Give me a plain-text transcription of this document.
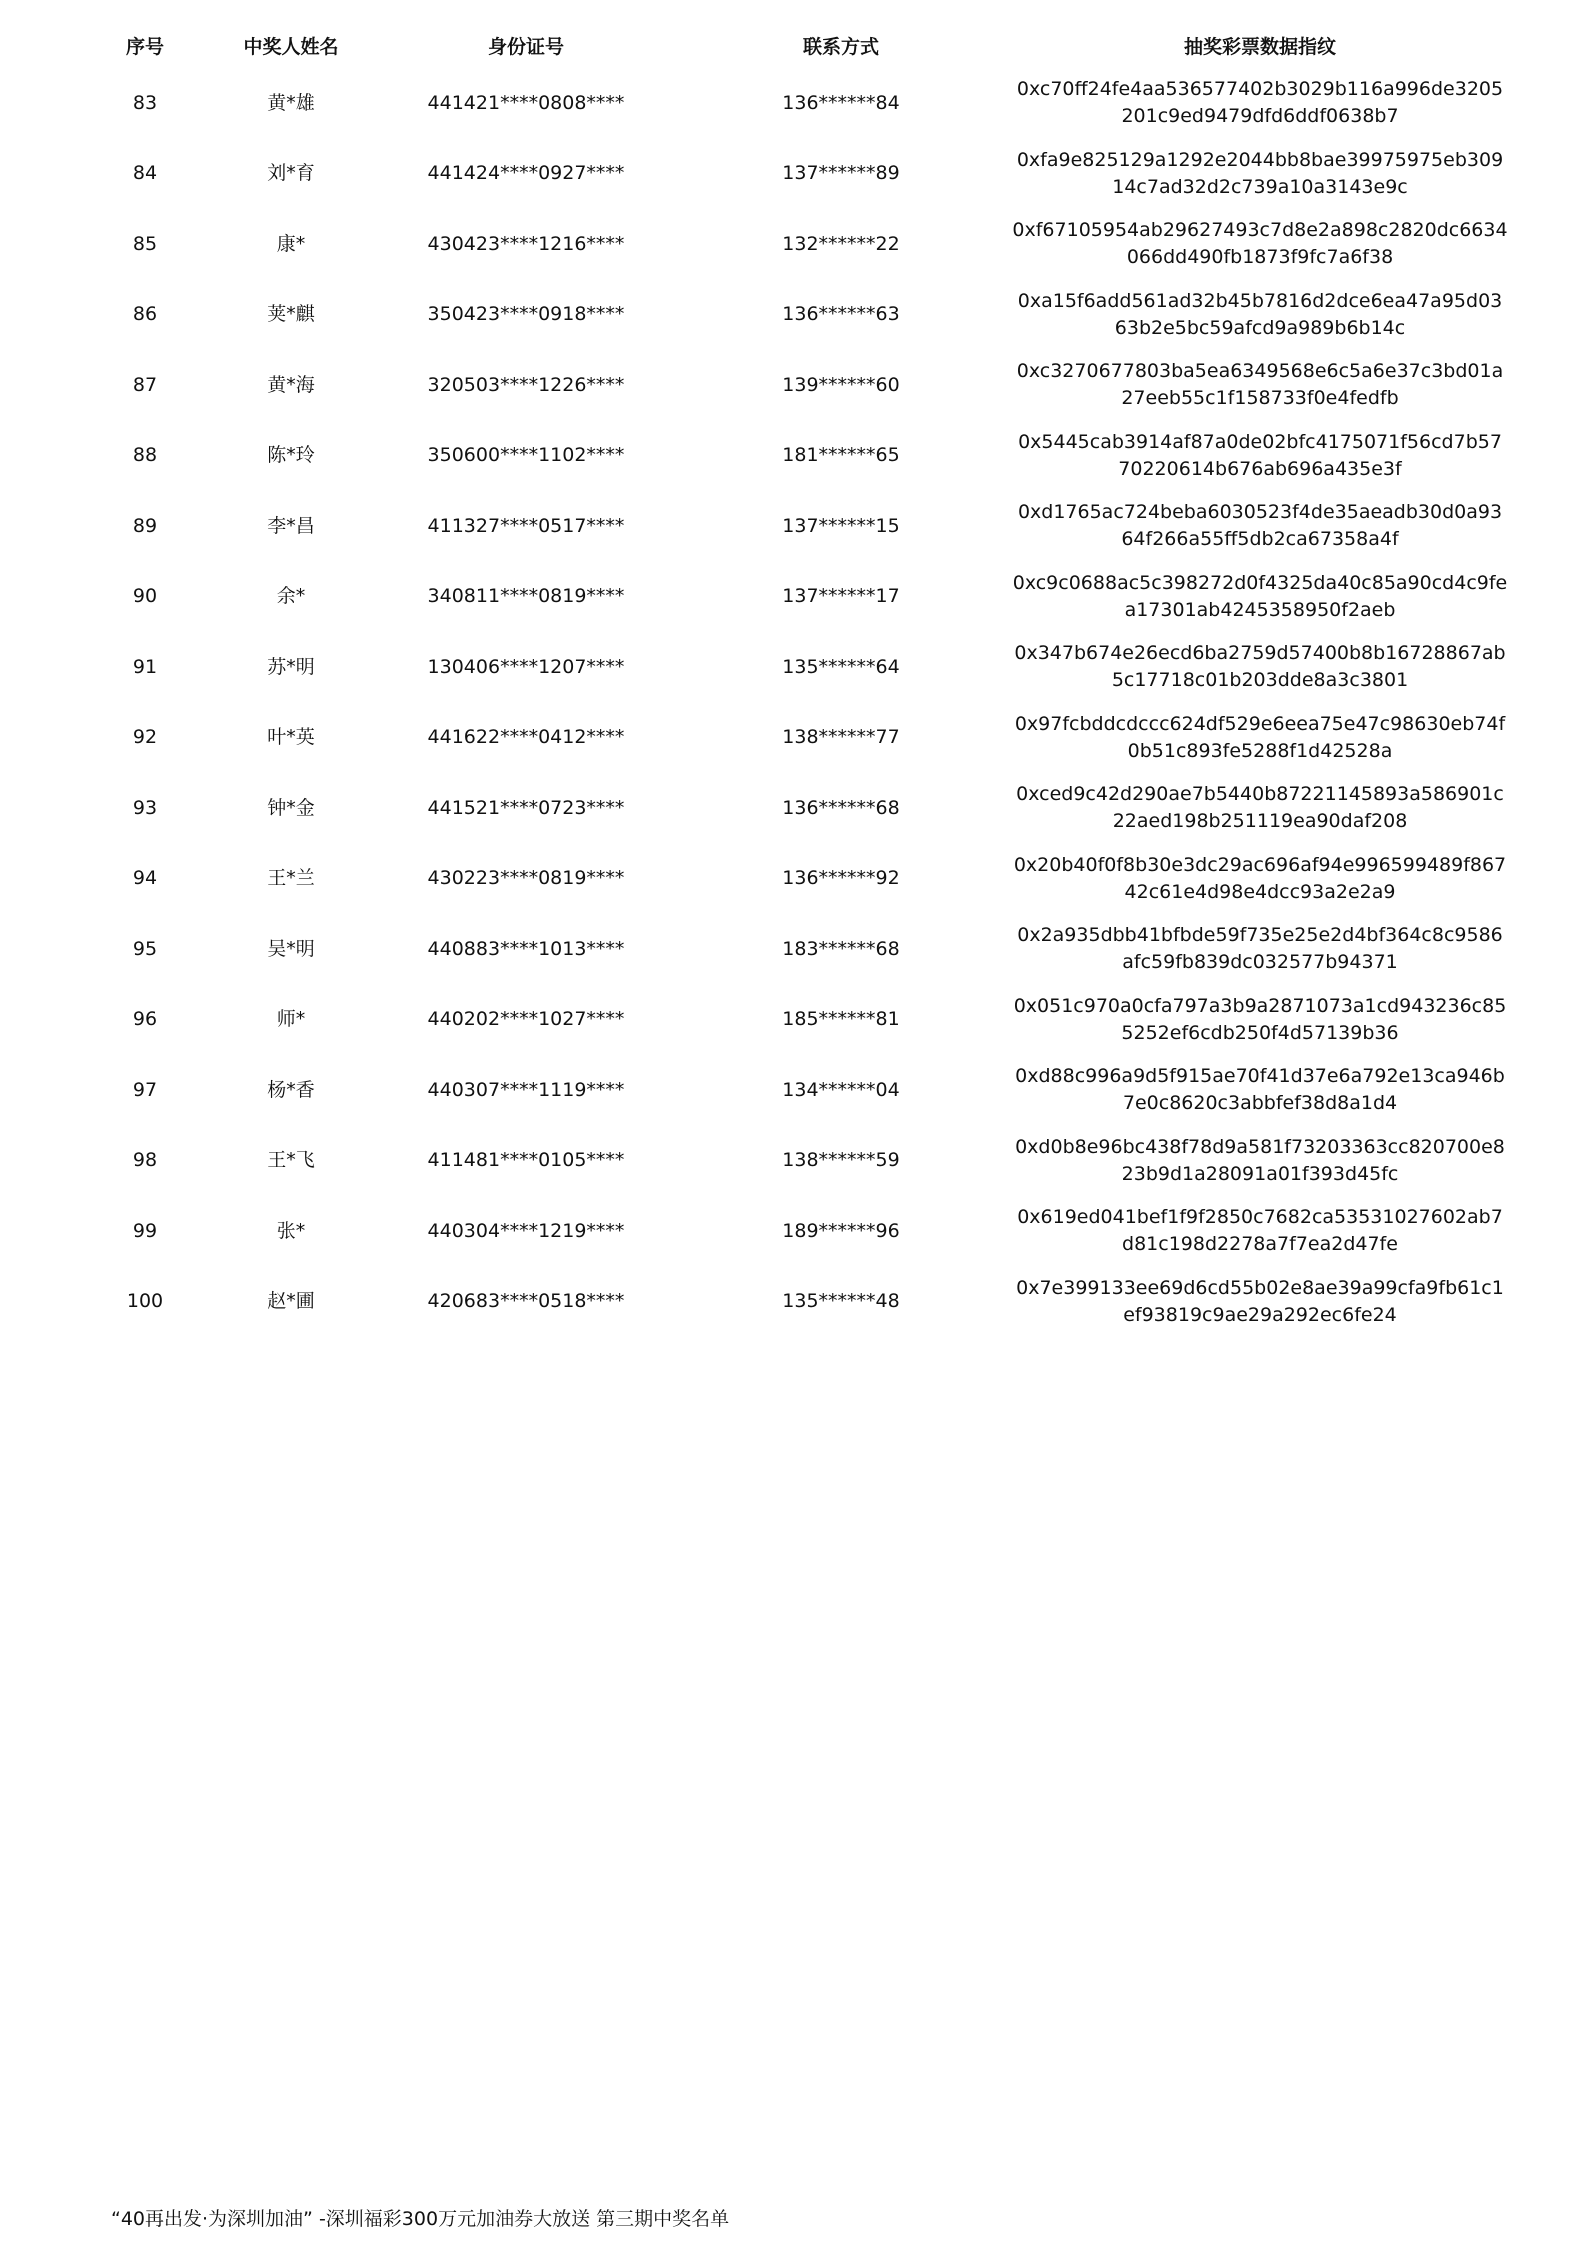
序号	中奖人姓名	身份证号	联系方式	抽奖彩票数据指纹
83	黄*雄	441421****0808****	136******84	0xc70ff24fe4aa536577402b3029b116a996de3205
201c9ed9479dfd6ddf0638b7

84	刘*育	441424****0927****	137******89	0xfa9e825129a1292e2044bb8bae39975975eb309
14c7ad32d2c739a10a3143e9c

85	康*	430423****1216****	132******22	0xf67105954ab29627493c7d8e2a898c2820dc6634
066dd490fb1873f9fc7a6f38

86	荚*麒	350423****0918****	136******63	0xa15f6add561ad32b45b7816d2dce6ea47a95d03
63b2e5bc59afcd9a989b6b14c

87	黄*海	320503****1226****	139******60	0xc3270677803ba5ea6349568e6c5a6e37c3bd01a
27eeb55c1f158733f0e4fedfb

88	陈*玲	350600****1102****	181******65	0x5445cab3914af87a0de02bfc4175071f56cd7b57
70220614b676ab696a435e3f

89	李*昌	411327****0517****	137******15	0xd1765ac724beba6030523f4de35aeadb30d0a93
64f266a55ff5db2ca67358a4f

90	余*	340811****0819****	137******17	0xc9c0688ac5c398272d0f4325da40c85a90cd4c9fe
a17301ab4245358950f2aeb

91	苏*明	130406****1207****	135******64	0x347b674e26ecd6ba2759d57400b8b16728867ab
5c17718c01b203dde8a3c3801

92	叶*英	441622****0412****	138******77	0x97fcbddcdccc624df529e6eea75e47c98630eb74f
0b51c893fe5288f1d42528a

93	钟*金	441521****0723****	136******68	0xced9c42d290ae7b5440b87221145893a586901c
22aed198b251119ea90daf208

94	王*兰	430223****0819****	136******92	0x20b40f0f8b30e3dc29ac696af94e996599489f867
42c61e4d98e4dcc93a2e2a9

95	吴*明	440883****1013****	183******68	0x2a935dbb41bfbde59f735e25e2d4bf364c8c9586
afc59fb839dc032577b94371

96	师*	440202****1027****	185******81	0x051c970a0cfa797a3b9a2871073a1cd943236c85
5252ef6cdb250f4d57139b36

97	杨*香	440307****1119****	134******04	0xd88c996a9d5f915ae70f41d37e6a792e13ca946b
7e0c8620c3abbfef38d8a1d4

98	王*飞	411481****0105****	138******59	0xd0b8e96bc438f78d9a581f73203363cc820700e8
23b9d1a28091a01f393d45fc

99	张*	440304****1219****	189******96	0x619ed041bef1f9f2850c7682ca53531027602ab7
d81c198d2278a7f7ea2d47fe

100	赵*圃	420683****0518****	135******48	0x7e399133ee69d6cd55b02e8ae39a99cfa9fb61c1
ef93819c9ae29a292ec6fe24
“40再出发·为深圳加油” -深圳福彩300万元加油券大放送 第三期中奖名单
